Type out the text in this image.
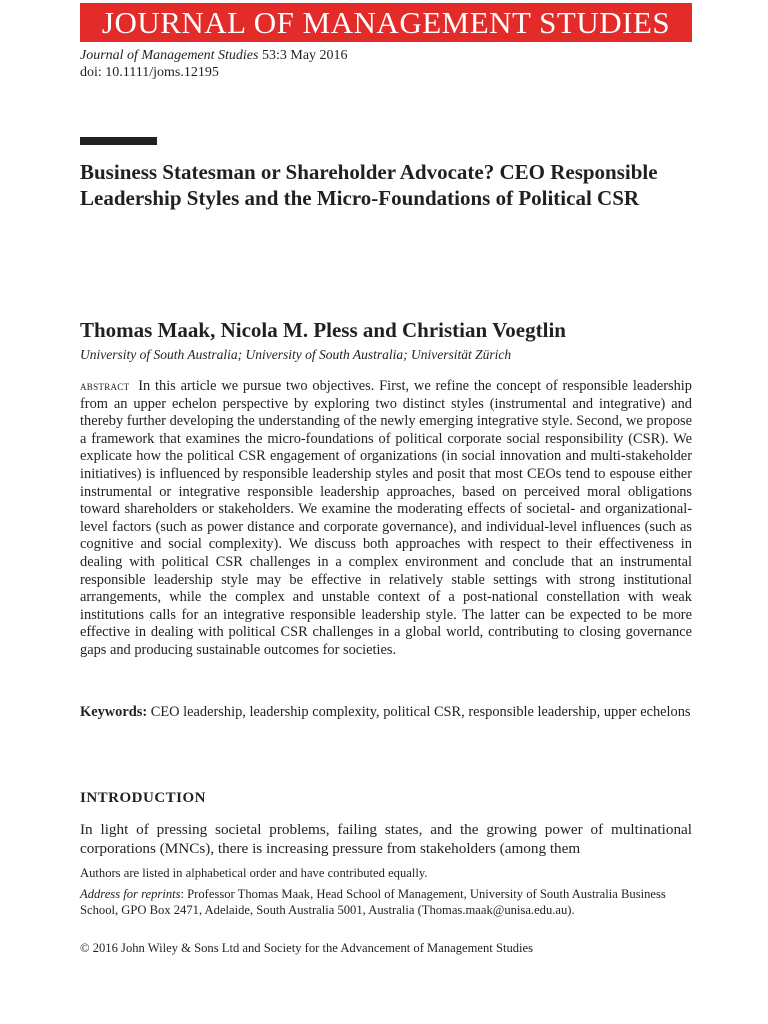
JOURNAL OF MANAGEMENT STUDIES
Journal of Management Studies 53:3 May 2016
doi: 10.1111/joms.12195
Business Statesman or Shareholder Advocate? CEO Responsible Leadership Styles and the Micro-Foundations of Political CSR
Thomas Maak, Nicola M. Pless and Christian Voegtlin
University of South Australia; University of South Australia; Universität Zürich
abstract In this article we pursue two objectives. First, we refine the concept of responsible leadership from an upper echelon perspective by exploring two distinct styles (instrumental and integrative) and thereby further developing the understanding of the newly emerging integrative style. Second, we propose a framework that examines the micro-foundations of political corporate social responsibility (CSR). We explicate how the political CSR engagement of organizations (in social innovation and multi-stakeholder initiatives) is influenced by responsible leadership styles and posit that most CEOs tend to espouse either instrumental or integrative responsible leadership approaches, based on perceived moral obligations toward shareholders or stakeholders. We examine the moderating effects of societal- and organizational-level factors (such as power distance and corporate governance), and individual-level influences (such as cognitive and social complexity). We discuss both approaches with respect to their effectiveness in dealing with political CSR challenges in a complex environment and conclude that an instrumental responsible leadership style may be effective in relatively stable settings with strong institutional arrangements, while the complex and unstable context of a post-national constellation with weak institutions calls for an integrative responsible leadership style. The latter can be expected to be more effective in dealing with political CSR challenges in a global world, contributing to closing governance gaps and producing sustainable outcomes for societies.
Keywords: CEO leadership, leadership complexity, political CSR, responsible leadership, upper echelons
INTRODUCTION
In light of pressing societal problems, failing states, and the growing power of multinational corporations (MNCs), there is increasing pressure from stakeholders (among them
Authors are listed in alphabetical order and have contributed equally.
Address for reprints: Professor Thomas Maak, Head School of Management, University of South Australia Business School, GPO Box 2471, Adelaide, South Australia 5001, Australia (Thomas.maak@unisa.edu.au).
© 2016 John Wiley & Sons Ltd and Society for the Advancement of Management Studies
